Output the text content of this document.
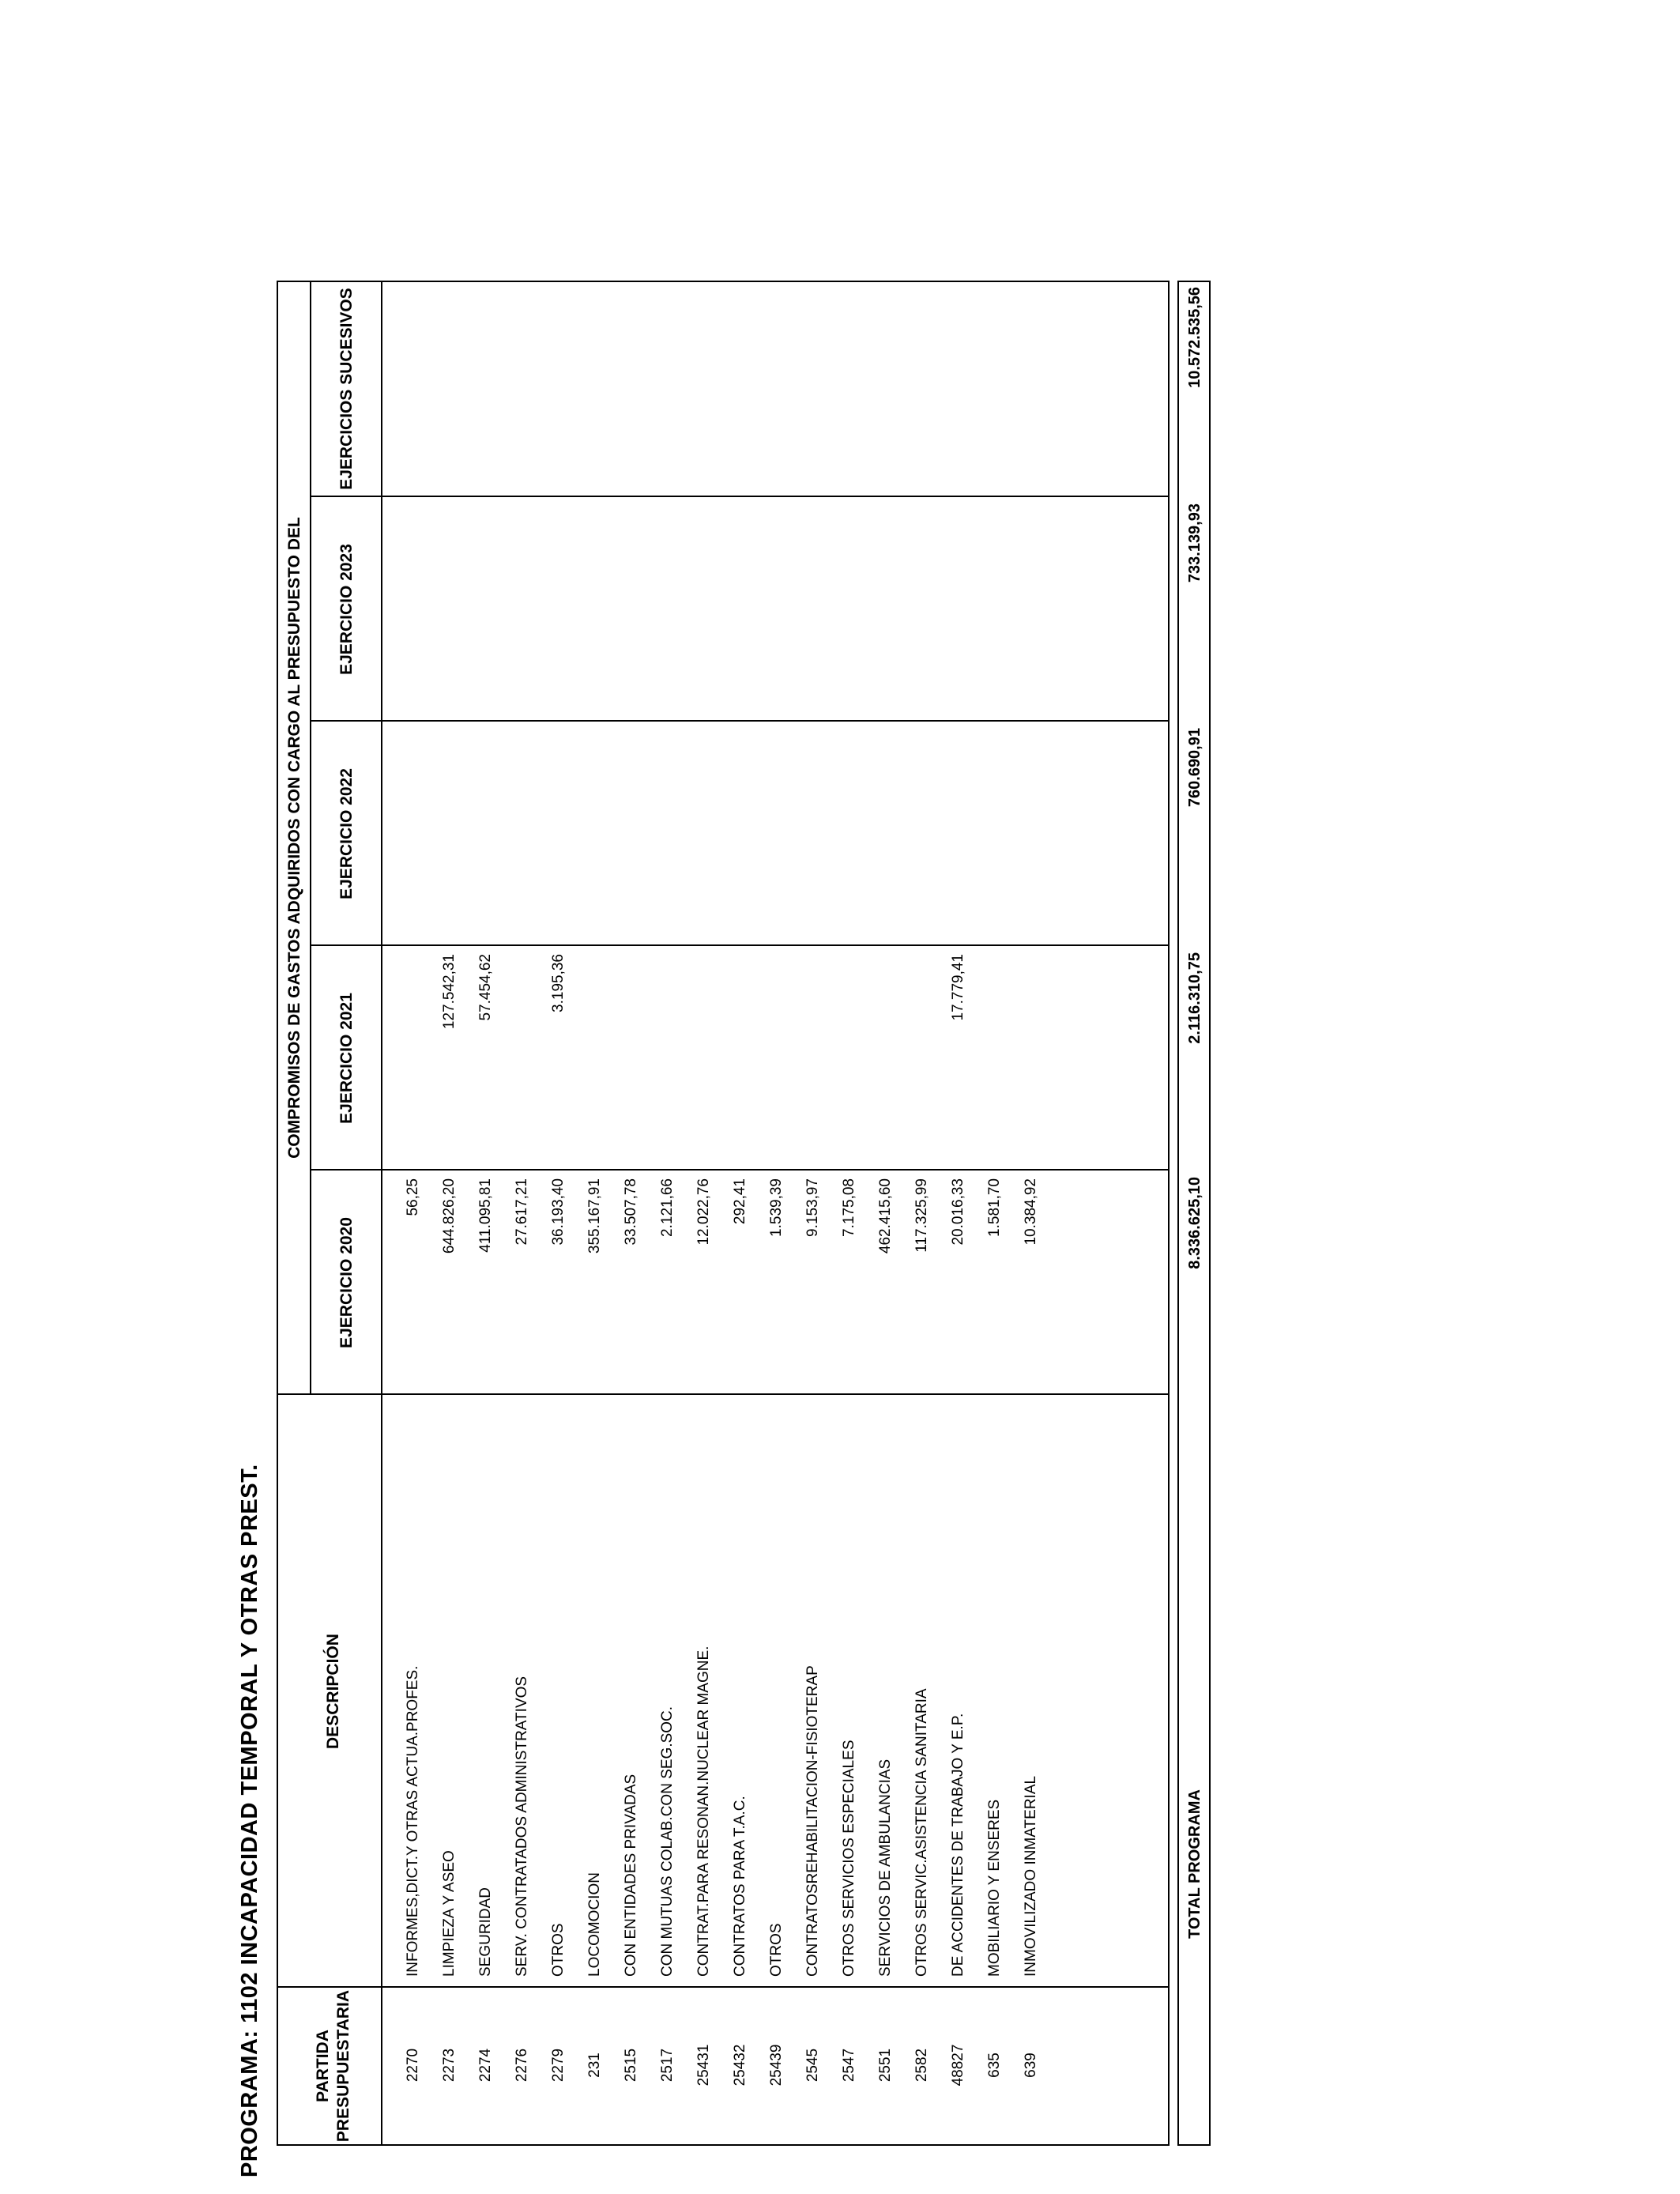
PROGRAMA: 1102 INCAPACIDAD TEMPORAL Y OTRAS PREST.	PARTIDA PRESUPUESTARIA
DESCRIPCIÓN
COMPROMISOS DE GASTOS ADQUIRIDOS CON CARGO AL PRESUPUESTO DEL
EJERCICIO 2020
EJERCICIO 2021
EJERCICIO 2022
EJERCICIO 2023
EJERCICIOS SUCESIVOS
2270
INFORMES,DICT.Y OTRAS ACTUA.PROFES.
56,25
2273
LIMPIEZA Y ASEO
644.826,20
127.542,31
2274
SEGURIDAD
411.095,81
57.454,62
2276
SERV. CONTRATADOS ADMINISTRATIVOS
27.617,21
2279
OTROS
36.193,40
3.195,36
231
LOCOMOCION
355.167,91
2515
CON ENTIDADES PRIVADAS
33.507,78
2517
CON MUTUAS COLAB.CON SEG.SOC.
2.121,66
25431
CONTRAT.PARA RESONAN.NUCLEAR MAGNE.
12.022,76
25432
CONTRATOS PARA T.A.C.
292,41
25439
OTROS
1.539,39
2545
CONTRATOSREHABILITACION-FISIOTERAP
9.153,97
2547
OTROS SERVICIOS ESPECIALES
7.175,08
2551
SERVICIOS DE AMBULANCIAS
462.415,60
2582
OTROS SERVIC.ASISTENCIA SANITARIA
117.325,99
48827
DE ACCIDENTES DE TRABAJO Y E.P.
20.016,33
17.779,41
635
MOBILIARIO Y ENSERES
1.581,70
639
INMOVILIZADO INMATERIAL
10.384,92
TOTAL PROGRAMA
8.336.625,10
2.116.310,75
760.690,91
733.139,93
10.572.535,56
